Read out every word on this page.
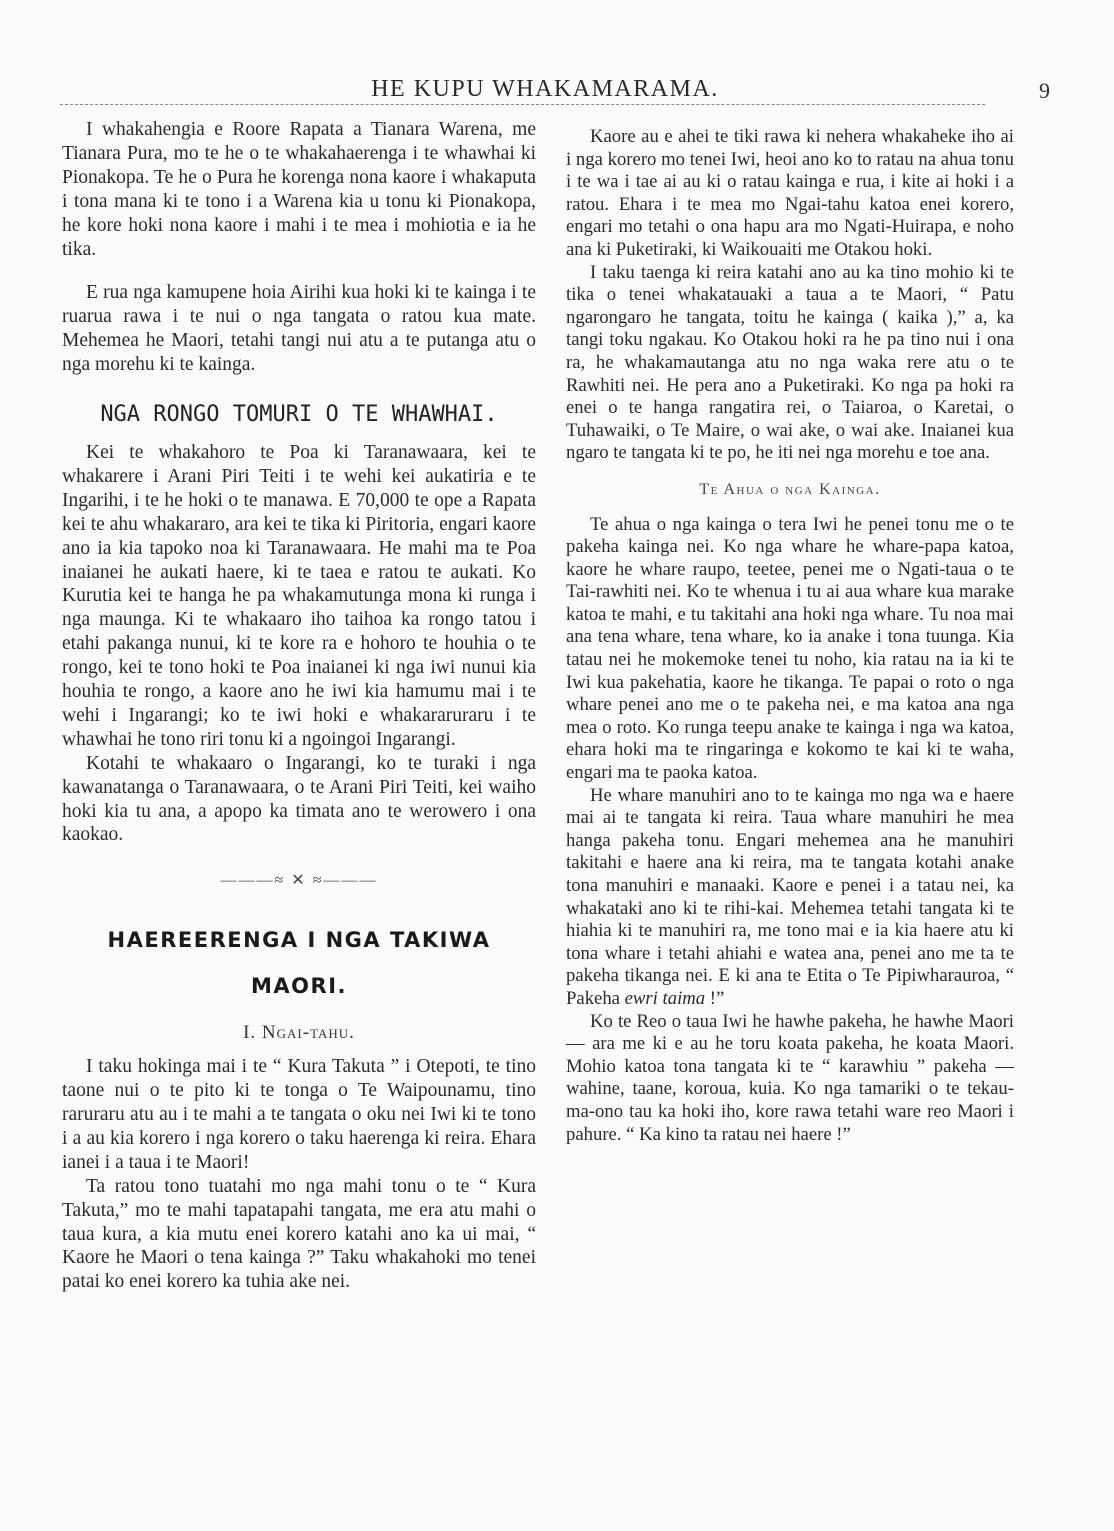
HE KUPU WHAKAMARAMA.	9

I whakahengia e Roore Rapata a Tianara Warena, me Tianara Pura, mo te he o te whakahaerenga i te whawhai ki Pionakopa. Te he o Pura he korenga nona kaore i whakaputa i tona mana ki te tono i a Warena kia u tonu ki Pionakopa, he kore hoki nona kaore i mahi i te mea i mohiotia e ia he tika.

E rua nga kamupene hoia Airihi kua hoki ki te kainga i te ruarua rawa i te nui o nga tangata o ratou kua mate. Mehemea he Maori, tetahi tangi nui atu a te putanga atu o nga morehu ki te kainga.

NGA RONGO TOMURI O TE WHAWHAI.

Kei te whakahoro te Poa ki Taranawaara, kei te whakarere i Arani Piri Teiti i te wehi kei aukatiria e te Ingarihi, i te he hoki o te manawa. E 70,000 te ope a Rapata kei te ahu whakararo, ara kei te tika ki Piritoria, engari kaore ano ia kia tapoko noa ki Taranawaara. He mahi ma te Poa inaianei he aukati haere, ki te taea e ratou te aukati. Ko Kurutia kei te hanga he pa whakamutunga mona ki runga i nga maunga. Ki te whakaaro iho taihoa ka rongo tatou i etahi pakanga nunui, ki te kore ra e hohoro te houhia o te rongo, kei te tono hoki te Poa inaianei ki nga iwi nunui kia houhia te rongo, a kaore ano he iwi kia hamumu mai i te wehi i Ingarangi; ko te iwi hoki e whakararuraru i te whawhai he tono riri tonu ki a ngoingoi Ingarangi.

Kotahi te whakaaro o Ingarangi, ko te turaki i nga kawanatanga o Taranawaara, o te Arani Piri Teiti, kei waiho hoki kia tu ana, a apopo ka timata ano te werowero i ona kaokao.

———≈ ✕ ≈———
HAEREERENGA I NGA TAKIWA
MAORI.
I. Ngai-tahu.

I taku hokinga mai i te “ Kura Takuta ” i Otepoti, te tino taone nui o te pito ki te tonga o Te Waipounamu, tino raruraru atu au i te mahi a te tangata o oku nei Iwi ki te tono i a au kia korero i nga korero o taku haerenga ki reira. Ehara ianei i a taua i te Maori!

Ta ratou tono tuatahi mo nga mahi tonu o te “ Kura Takuta,” mo te mahi tapatapahi tangata, me era atu mahi o taua kura, a kia mutu enei korero katahi ano ka ui mai, “ Kaore he Maori o tena kainga ?” Taku whakahoki mo tenei patai ko enei korero ka tuhia ake nei.

Kaore au e ahei te tiki rawa ki nehera whakaheke iho ai i nga korero mo tenei Iwi, heoi ano ko to ratau na ahua tonu i te wa i tae ai au ki o ratau kainga e rua, i kite ai hoki i a ratou. Ehara i te mea mo Ngai-tahu katoa enei korero, engari mo tetahi o ona hapu ara mo Ngati-Huirapa, e noho ana ki Puketiraki, ki Waikouaiti me Otakou hoki.

I taku taenga ki reira katahi ano au ka tino mohio ki te tika o tenei whakatauaki a taua a te Maori, “ Patu ngarongaro he tangata, toitu he kainga ( kaika ),” a, ka tangi toku ngakau. Ko Otakou hoki ra he pa tino nui i ona ra, he whakamautanga atu no nga waka rere atu o te Rawhiti nei. He pera ano a Puketiraki. Ko nga pa hoki ra enei o te hanga rangatira rei, o Taiaroa, o Karetai, o Tuhawaiki, o Te Maire, o wai ake, o wai ake. Inaianei kua ngaro te tangata ki te po, he iti nei nga morehu e toe ana.

Te Ahua o nga Kainga.

Te ahua o nga kainga o tera Iwi he penei tonu me o te pakeha kainga nei. Ko nga whare he whare-papa katoa, kaore he whare raupo, teetee, penei me o Ngati-taua o te Tai-rawhiti nei. Ko te whenua i tu ai aua whare kua marake katoa te mahi, e tu takitahi ana hoki nga whare. Tu noa mai ana tena whare, tena whare, ko ia anake i tona tuunga. Kia tatau nei he mokemoke tenei tu noho, kia ratau na ia ki te Iwi kua pakehatia, kaore he tikanga. Te papai o roto o nga whare penei ano me o te pakeha nei, e ma katoa ana nga mea o roto. Ko runga teepu anake te kainga i nga wa katoa, ehara hoki ma te ringaringa e kokomo te kai ki te waha, engari ma te paoka katoa.

He whare manuhiri ano to te kainga mo nga wa e haere mai ai te tangata ki reira. Taua whare manuhiri he mea hanga pakeha tonu. Engari mehemea ana he manuhiri takitahi e haere ana ki reira, ma te tangata kotahi anake tona manuhiri e manaaki. Kaore e penei i a tatau nei, ka whakataki ano ki te rihi-kai. Mehemea tetahi tangata ki te hiahia ki te manuhiri ra, me tono mai e ia kia haere atu ki tona whare i tetahi ahiahi e watea ana, penei ano me ta te pakeha tikanga nei. E ki ana te Etita o Te Pipiwharauroa, “ Pakeha ewri taima !”

Ko te Reo o taua Iwi he hawhe pakeha, he hawhe Maori — ara me ki e au he toru koata pakeha, he koata Maori. Mohio katoa tona tangata ki te “ karawhiu ” pakeha — wahine, taane, koroua, kuia. Ko nga tamariki o te tekau-ma-ono tau ka hoki iho, kore rawa tetahi ware reo Maori i pahure. “ Ka kino ta ratau nei haere !”
